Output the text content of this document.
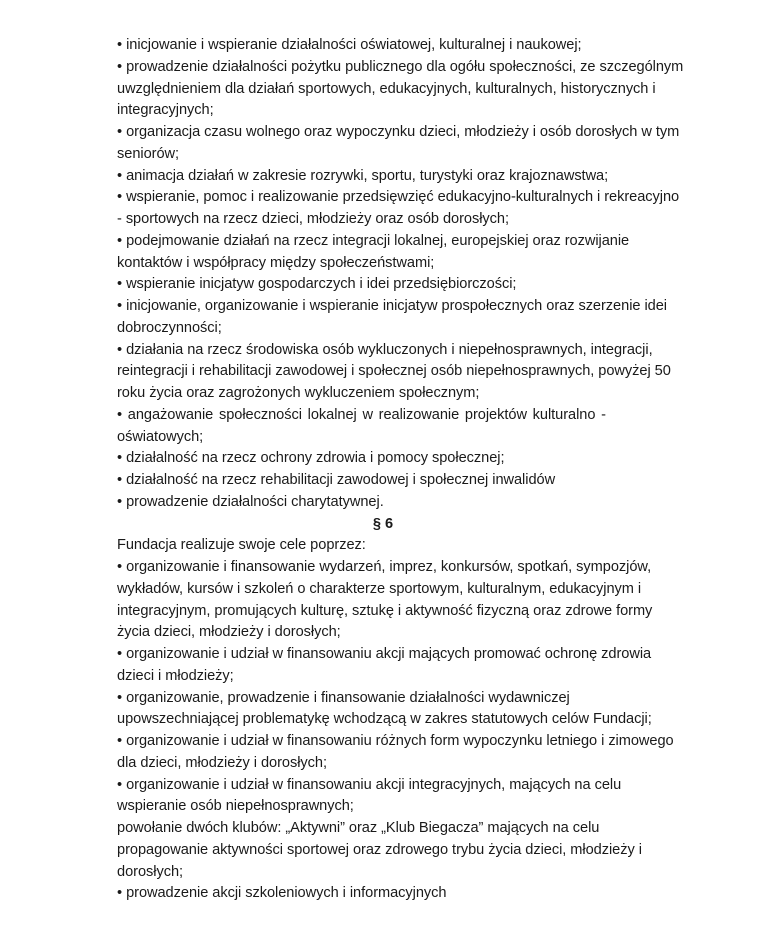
• inicjowanie i wspieranie działalności oświatowej, kulturalnej i naukowej;
• prowadzenie działalności pożytku publicznego dla ogółu społeczności, ze szczególnym
uwzględnieniem dla działań sportowych, edukacyjnych, kulturalnych, historycznych i
integracyjnych;
• organizacja czasu wolnego oraz wypoczynku dzieci, młodzieży i osób dorosłych w tym
seniorów;
• animacja działań w zakresie rozrywki, sportu, turystyki oraz krajoznawstwa;
• wspieranie, pomoc i realizowanie przedsięwzięć edukacyjno-kulturalnych i rekreacyjno
- sportowych na rzecz dzieci, młodzieży oraz osób dorosłych;
• podejmowanie działań na rzecz integracji lokalnej, europejskiej oraz rozwijanie
kontaktów i współpracy między społeczeństwami;
• wspieranie inicjatyw gospodarczych i idei przedsiębiorczości;
• inicjowanie, organizowanie i wspieranie inicjatyw prospołecznych oraz szerzenie idei
dobroczynności;
• działania na rzecz środowiska osób wykluczonych i niepełnosprawnych, integracji,
reintegracji i rehabilitacji zawodowej i społecznej osób niepełnosprawnych, powyżej 50
roku życia oraz zagrożonych wykluczeniem społecznym;
• angażowanie społeczności lokalnej w realizowanie projektów kulturalno -
oświatowych;
• działalność na rzecz ochrony zdrowia i pomocy społecznej;
• działalność na rzecz rehabilitacji zawodowej i społecznej inwalidów
• prowadzenie działalności charytatywnej.
§ 6
Fundacja realizuje swoje cele poprzez:
• organizowanie i finansowanie wydarzeń, imprez, konkursów, spotkań, sympozjów,
wykładów, kursów i szkoleń o charakterze sportowym, kulturalnym, edukacyjnym i
integracyjnym, promujących kulturę, sztukę i aktywność fizyczną oraz zdrowe formy
życia dzieci, młodzieży i dorosłych;
• organizowanie i udział w finansowaniu akcji mających promować ochronę zdrowia
dzieci i młodzieży;
• organizowanie, prowadzenie i finansowanie działalności wydawniczej
upowszechniającej problematykę wchodzącą w zakres statutowych celów Fundacji;
• organizowanie i udział w finansowaniu różnych form wypoczynku letniego i zimowego
dla dzieci, młodzieży i dorosłych;
• organizowanie i udział w finansowaniu akcji integracyjnych, mających na celu
wspieranie osób niepełnosprawnych;
powołanie dwóch klubów: „Aktywni” oraz „Klub Biegacza” mających na celu
propagowanie aktywności sportowej oraz zdrowego trybu życia dzieci, młodzieży i
dorosłych;
• prowadzenie akcji szkoleniowych i informacyjnych
